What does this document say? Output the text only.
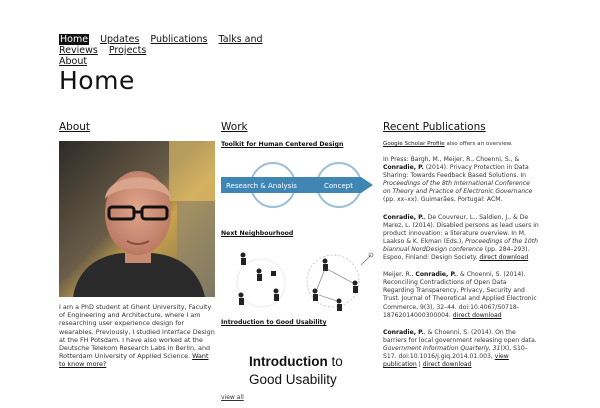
Home Updates Publications Talks and Reviews Projects
About
Home
About
I am a PhD student at Ghent University, Faculty of Engineering and Architecture, where I am researching user experience design for wearables. Previously, I studied Interface Design at the FH Potsdam. I have also worked at the Deutsche Telekom Research Labs in Berlin, and Rotterdam University of Applied Science. Want to know more?
Work
Toolkit for Human Centered Design
Research & Analysis	Concept
Next Neighbourhood
Introduction to Good Usability
Introduction to
Good Usability
view all
Recent Publications
Google Scholar Profile also offers an overview.
In Press: Bargh, M., Meijer, R., Choenni, S., & Conradie, P. (2014). Privacy Protection in Data Sharing: Towards Feedback Based Solutions. In Proceedings of the 8th International Conference on Theory and Practice of Electronic Governance (pp. xx–xx). Guimarães, Portugal: ACM.
Conradie, P., De Couvreur, L., Saldien, J., & De Marez, L. (2014). Disabled persons as lead users in product innovation: a literature overview. In M. Laakso & K. Ekman (Eds.), Proceedings of the 10th biannual NordDesign conference (pp. 284–293). Espoo, Finland: Design Society. direct download
Meijer, R., Conradie, P., & Choenni, S. (2014). Reconciling Contradictions of Open Data Regarding Transparency, Privacy, Security and Trust. Journal of Theoretical and Applied Electronic Commerce, 9(3), 32–44. doi:10.4067/S0718-18762014000300004. direct download
Conradie, P., & Choenni, S. (2014). On the barriers for local government releasing open data. Government Information Quarterly, 31(X), S10–S17. doi:10.1016/j.giq.2014.01.003, view publication | direct download
